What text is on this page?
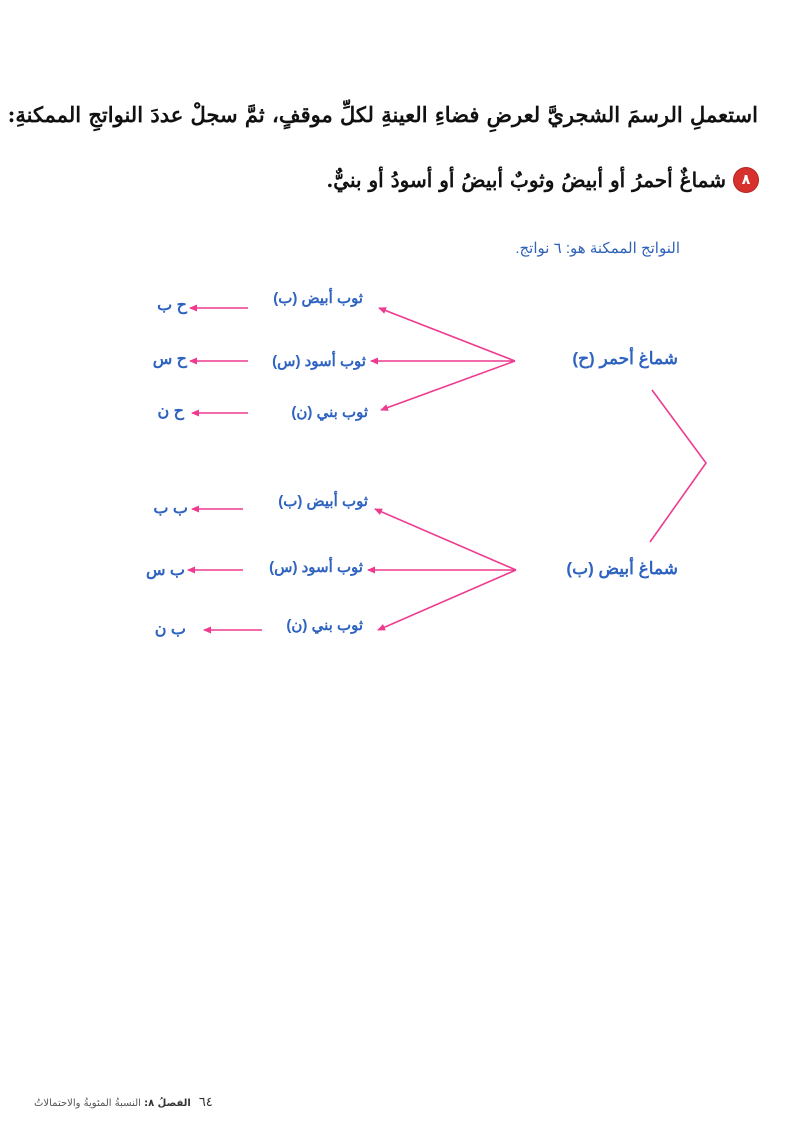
استعملِ الرسمَ الشجريَّ لعرضِ فضاءِ العينةِ لكلِّ موقفٍ، ثمَّ سجلْ عددَ النواتجِ الممكنةِ:
٨
شماغٌ أحمرُ أو أبيضُ وثوبٌ أبيضُ أو أسودُ أو بنيٌّ.
النواتج الممكنة هو: ٦ نواتج.
شماغ أحمر (ح)
شماغ أبيض (ب)
ثوب أبيض (ب)
ثوب أسود (س)
ثوب بني (ن)
ثوب أبيض (ب)
ثوب أسود (س)
ثوب بني (ن)
ح ب
ح س
ح ن
ب ب
ب س
ب ن
٦٤
الفصلُ ٨: النسبةُ المئويةُ والاحتمالاتُ
